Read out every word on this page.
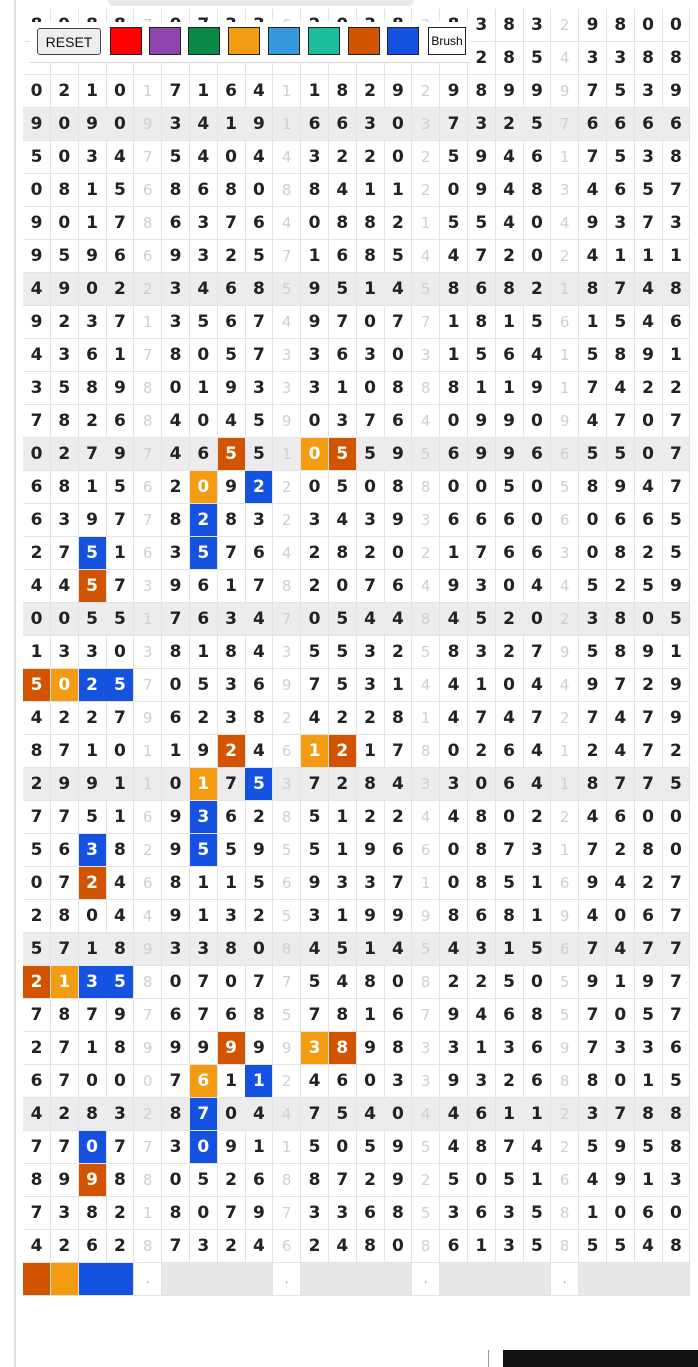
3 8 3	2	9 8 0 0
2 8 5	4	3 3 8 8
0 2 1 0	1	7 1 6 4	1	1 8 2 9	2	9 8 9 9	9	7 5 3 9
9 0 9 0	9	3 4 1 9	1	6 6 3 0	3	7 3 2 5	7	6 6 6 6
5 0 3 4	7	5 4 0 4	4	3 2 2 0	2	5 9 4 6	1	7 5 3 8
0 8 1 5	6	8 6 8 0	8	8 4 1 1	2	0 9 4 8	3	4 6 5 7
9 0 1 7	8	6 3 7 6	4	0 8 8 2	1	5 5 4 0	4	9 3 7 3
9 5 9 6	6	9 3 2 5	7	1 6 8 5	4	4 7 2 0	2	4 1 1 1
4 9 0 2	2	3 4 6 8	5	9 5 1 4	5	8 6 8 2	1	8 7 4 8
9 2 3 7	1	3 5 6 7	4	9 7 0 7	7	1 8 1 5	6	1 5 4 6
4 3 6 1	7	8 0 5 7	3	3 6 3 0	3	1 5 6 4	1	5 8 9 1
3 5 8 9	8	0 1 9 3	3	3 1 0 8	8	8 1 1 9	1	7 4 2 2
7 8 2 6	8	4 0 4 5	9	0 3 7 6	4	0 9 9 0	9	4 7 0 7
0 2 7 9	7	4 6 5 5	1	0 5 5 9	5	6 9 9 6	6	5 5 0 7
6 8 1 5	6	2 0 9 2	2	0 5 0 8	8	0 0 5 0	5	8 9 4 7
6 3 9 7	7	8 2 8 3	2	3 4 3 9	3	6 6 6 0	6	0 6 6 5
2 7 5 1	6	3 5 7 6	4	2 8 2 0	2	1 7 6 6	3	0 8 2 5
4 4 5 7	3	9 6 1 7	8	2 0 7 6	4	9 3 0 4	4	5 2 5 9
0 0 5 5	1	7 6 3 4	7	0 5 4 4	8	4 5 2 0	2	3 8 0 5
1 3 3 0	3	8 1 8 4	3	5 5 3 2	5	8 3 2 7	9	5 8 9 1
5 0 2 5	7	0 5 3 6	9	7 5 3 1	4	4 1 0 4	4	9 7 2 9
4 2 2 7	9	6 2 3 8	2	4 2 2 8	1	4 7 4 7	2	7 4 7 9
8 7 1 0	1	1 9 2 4	6	1 2 1 7	8	0 2 6 4	1	2 4 7 2
2 9 9 1	1	0 1 7 5	3	7 2 8 4	3	3 0 6 4	1	8 7 7 5
7 7 5 1	6	9 3 6 2	8	5 1 2 2	4	4 8 0 2	2	4 6 0 0
5 6 3 8	2	9 5 5 9	5	5 1 9 6	6	0 8 7 3	1	7 2 8 0
0 7 2 4	6	8 1 1 5	6	9 3 3 7	1	0 8 5 1	6	9 4 2 7
2 8 0 4	4	9 1 3 2	5	3 1 9 9	9	8 6 8 1	9	4 0 6 7
5 7 1 8	9	3 3 8 0	8	4 5 1 4	5	4 3 1 5	6	7 4 7 7
2 1 3 5	8	0 7 0 7	7	5 4 8 0	8	2 2 5 0	5	9 1 9 7
7 8 7 9	7	6 7 6 8	5	7 8 1 6	7	9 4 6 8	5	7 0 5 7
2 7 1 8	9	9 9 9 9	9	3 8 9 8	3	3 1 3 6	9	7 3 3 6
6 7 0 0	0	7 6 1 1	2	4 6 0 3	3	9 3 2 6	8	8 0 1 5
4 2 8 3	2	8 7 0 4	4	7 5 4 0	4	4 6 1 1	2	3 7 8 8
7 7 0 7	7	3 0 9 1	1	5 0 5 9	5	4 8 7 4	2	5 9 5 8
8 9 9 8	8	0 5 2 6	8	8 7 2 9	2	5 0 5 1	6	4 9 1 3
7 3 8 2	1	8 0 7 9	7	3 3 6 8	5	3 6 3 5	8	1 0 6 0
4 2 6 2	8	7 3 2 4	6	2 4 8 0	8	6 1 3 5	8	5 5 4 8
.	.	.	.
RESET	Brush
